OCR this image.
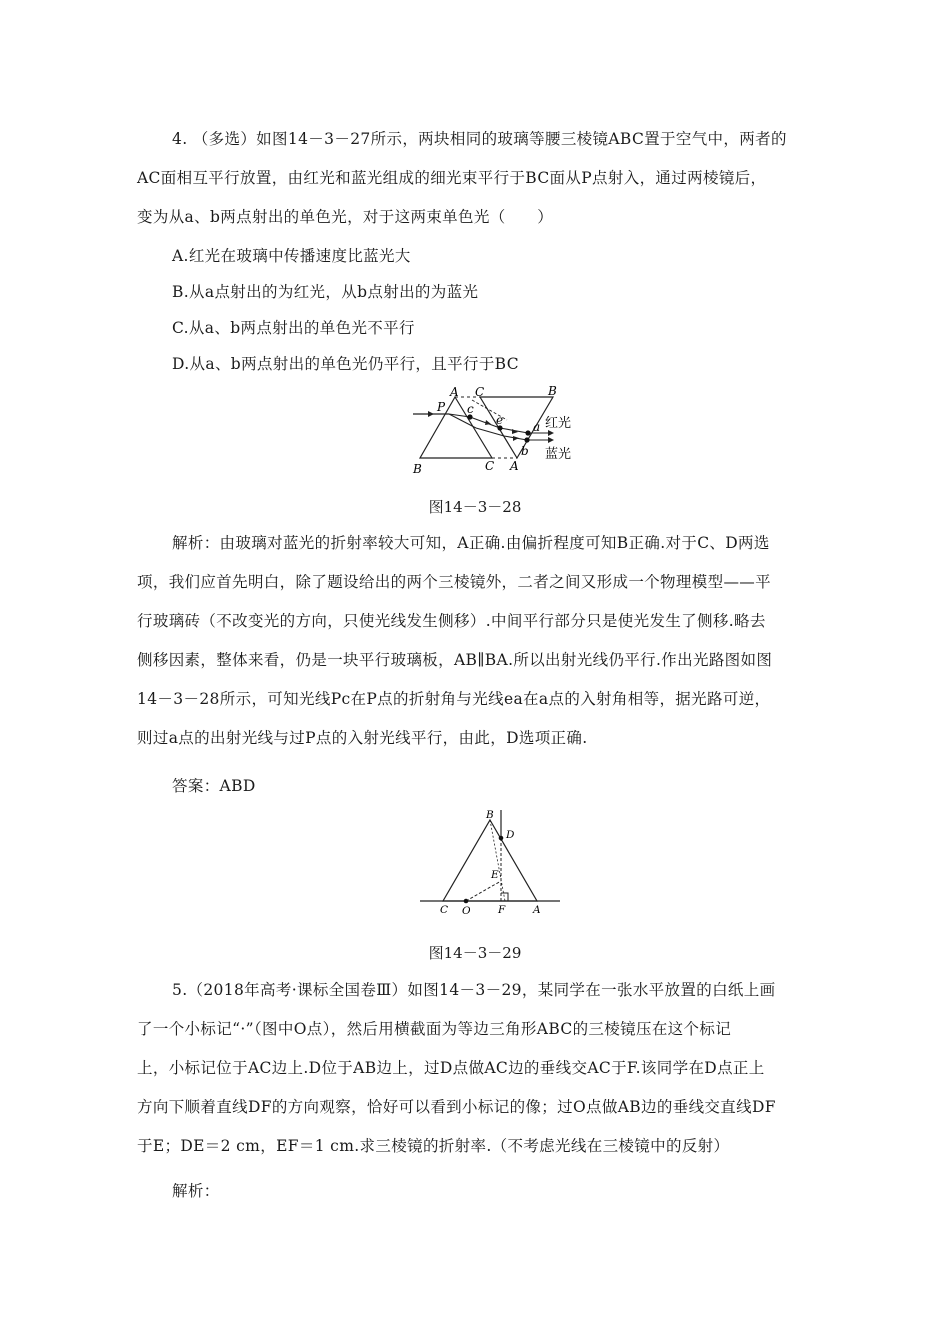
4. （多选）如图14－3－27所示，两块相同的玻璃等腰三棱镜ABC置于空气中，两者的
AC面相互平行放置，由红光和蓝光组成的细光束平行于BC面从P点射入，通过两棱镜后，
变为从a、b两点射出的单色光，对于这两束单色光（　　）
A.红光在玻璃中传播速度比蓝光大
B.从a点射出的为红光，从b点射出的为蓝光
C.从a、b两点射出的单色光不平行
D.从a、b两点射出的单色光仍平行，且平行于BC
A C	B
P c
e a
b
B	C A
红光
蓝光
图14－3－28
解析：由玻璃对蓝光的折射率较大可知，A正确.由偏折程度可知B正确.对于C、D两选
项，我们应首先明白，除了题设给出的两个三棱镜外，二者之间又形成一个物理模型——平
行玻璃砖（不改变光的方向，只使光线发生侧移）.中间平行部分只是使光发生了侧移.略去
侧移因素，整体来看，仍是一块平行玻璃板，AB∥BA.所以出射光线仍平行.作出光路图如图
14－3－28所示，可知光线Pc在P点的折射角与光线ea在a点的入射角相等，据光路可逆，
则过a点的出射光线与过P点的入射光线平行，由此，D选项正确.
答案：ABD
B
D
E
C O	F	A
图14－3－29
5.（2018年高考·课标全国卷Ⅲ）如图14－3－29，某同学在一张水平放置的白纸上画
了一个小标记“·”（图中O点），然后用横截面为等边三角形ABC的三棱镜压在这个标记
上，小标记位于AC边上.D位于AB边上，过D点做AC边的垂线交AC于F.该同学在D点正上
方向下顺着直线DF的方向观察，恰好可以看到小标记的像；过O点做AB边的垂线交直线DF
于E；DE＝2 cm，EF＝1 cm.求三棱镜的折射率.（不考虑光线在三棱镜中的反射）
解析：
